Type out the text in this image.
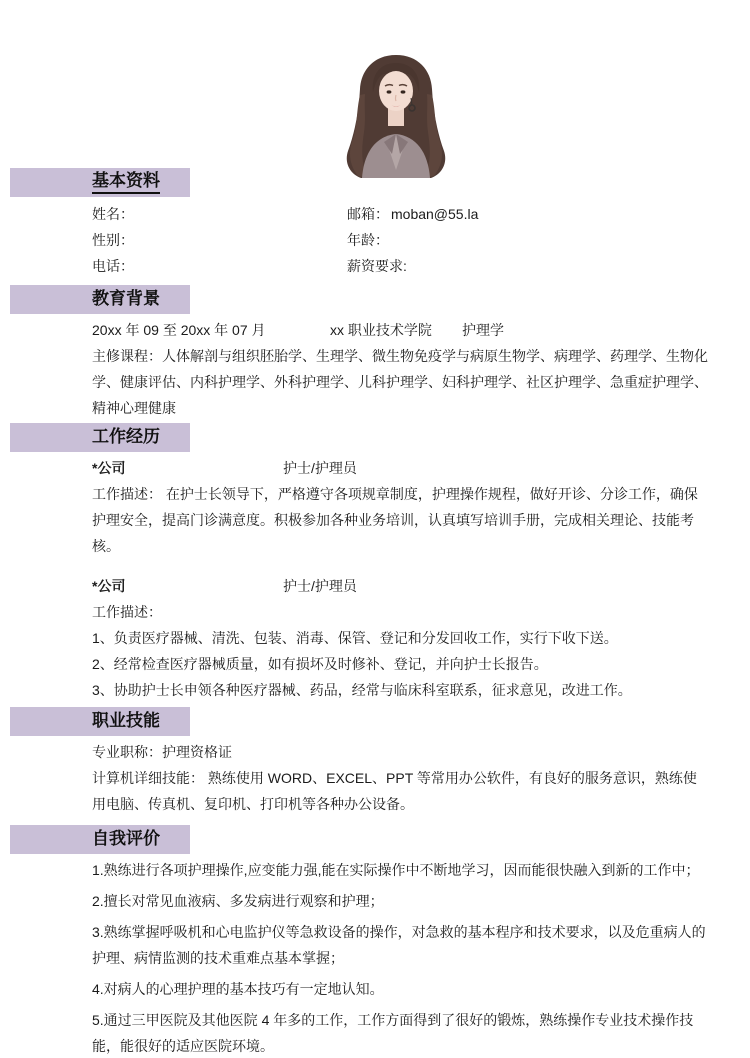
基本资料
姓名：	邮箱： moban@55.la
性别：	年龄：
电话：	薪资要求:
教育背景
20xx 年 09 至 20xx 年 07 月	xx 职业技术学院	护理学

主修课程：人体解剖与组织胚胎学、生理学、微生物免疫学与病原生物学、病理学、药理学、生物化学、健康评估、内科护理学、外科护理学、儿科护理学、妇科护理学、社区护理学、急重症护理学、精神心理健康

工作经历
*公司	护士/护理员

工作描述： 在护士长领导下，严格遵守各项规章制度，护理操作规程，做好开诊、分诊工作，确保护理安全，提高门诊满意度。积极参加各种业务培训，认真填写培训手册，完成相关理论、技能考核。

*公司	护士/护理员

工作描述：

1、负责医疗器械、清洗、包装、消毒、保管、登记和分发回收工作，实行下收下送。

2、经常检查医疗器械质量，如有损坏及时修补、登记，并向护士长报告。

3、协助护士长申领各种医疗器械、药品，经常与临床科室联系，征求意见，改进工作。

职业技能

专业职称：护理资格证

计算机详细技能： 熟练使用 WORD、EXCEL、PPT 等常用办公软件，有良好的服务意识，熟练使用电脑、传真机、复印机、打印机等各种办公设备。

自我评价

1.熟练进行各项护理操作,应变能力强,能在实际操作中不断地学习，因而能很快融入到新的工作中；

2.擅长对常见血液病、多发病进行观察和护理；

3.熟练掌握呼吸机和心电监护仪等急救设备的操作，对急救的基本程序和技术要求，以及危重病人的护理、病情监测的技术重难点基本掌握；

4.对病人的心理护理的基本技巧有一定地认知。

5.通过三甲医院及其他医院 4 年多的工作，工作方面得到了很好的锻炼，熟练操作专业技术操作技能，能很好的适应医院环境。
